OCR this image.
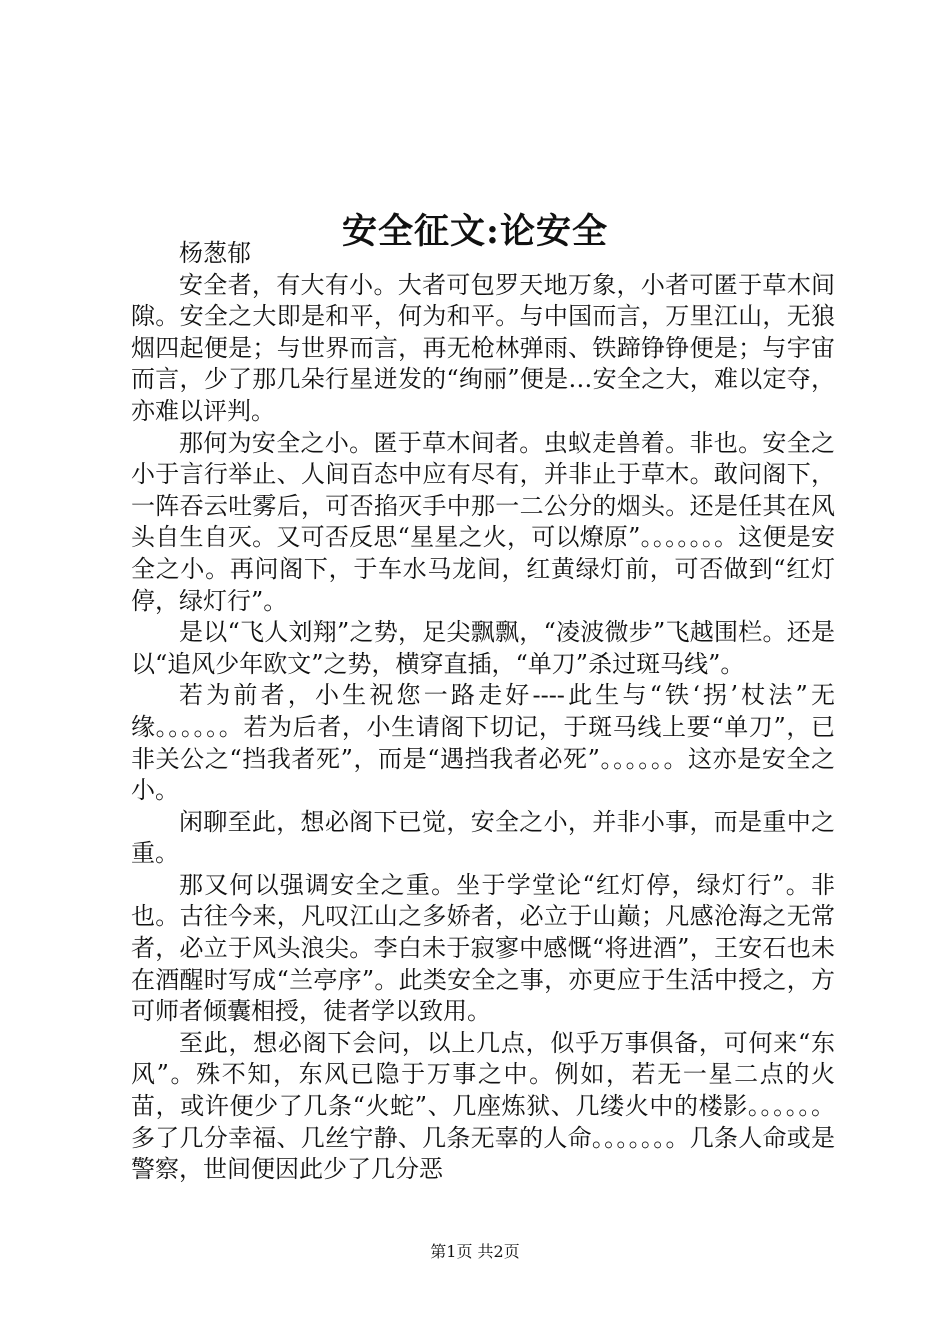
安全征文:论安全

杨葱郁

安全者，有大有小。大者可包罗天地万象，小者可匿于草木间隙。安全之大即是和平，何为和平。与中国而言，万里江山，无狼烟四起便是；与世界而言，再无枪林弹雨、铁蹄铮铮便是；与宇宙而言，少了那几朵行星迸发的“绚丽”便是…安全之大，难以定夺，亦难以评判。

那何为安全之小。匿于草木间者。虫蚁走兽着。非也。安全之小于言行举止、人间百态中应有尽有，并非止于草木。敢问阁下，一阵吞云吐雾后，可否掐灭手中那一二公分的烟头。还是任其在风头自生自灭。又可否反思“星星之火，可以燎原”。。。。。。。这便是安全之小。再问阁下，于车水马龙间，红黄绿灯前，可否做到“红灯停，绿灯行”。

是以“飞人刘翔”之势，足尖飘飘，“凌波微步”飞越围栏。还是以“追风少年欧文”之势，横穿直插，“单刀”杀过斑马线”。

若为前者，小生祝您一路走好----此生与“铁‘拐’杖法”无缘。。。。。。若为后者，小生请阁下切记，于斑马线上要“单刀”，已非关公之“挡我者死”，而是“遇挡我者必死”。。。。。。这亦是安全之小。

闲聊至此，想必阁下已觉，安全之小，并非小事，而是重中之重。

那又何以强调安全之重。坐于学堂论“红灯停，绿灯行”。非也。古往今来，凡叹江山之多娇者，必立于山巅；凡感沧海之无常者，必立于风头浪尖。李白未于寂寥中感慨“将进酒”，王安石也未在酒醒时写成“兰亭序”。此类安全之事，亦更应于生活中授之，方可师者倾囊相授，徒者学以致用。

至此，想必阁下会问，以上几点，似乎万事俱备，可何来“东风”。殊不知，东风已隐于万事之中。例如，若无一星二点的火苗，或许便少了几条“火蛇”、几座炼狱、几缕火中的楼影。。。。。。多了几分幸福、几丝宁静、几条无辜的人命。。。。。。。几条人命或是警察，世间便因此少了几分恶

第1页 共2页
